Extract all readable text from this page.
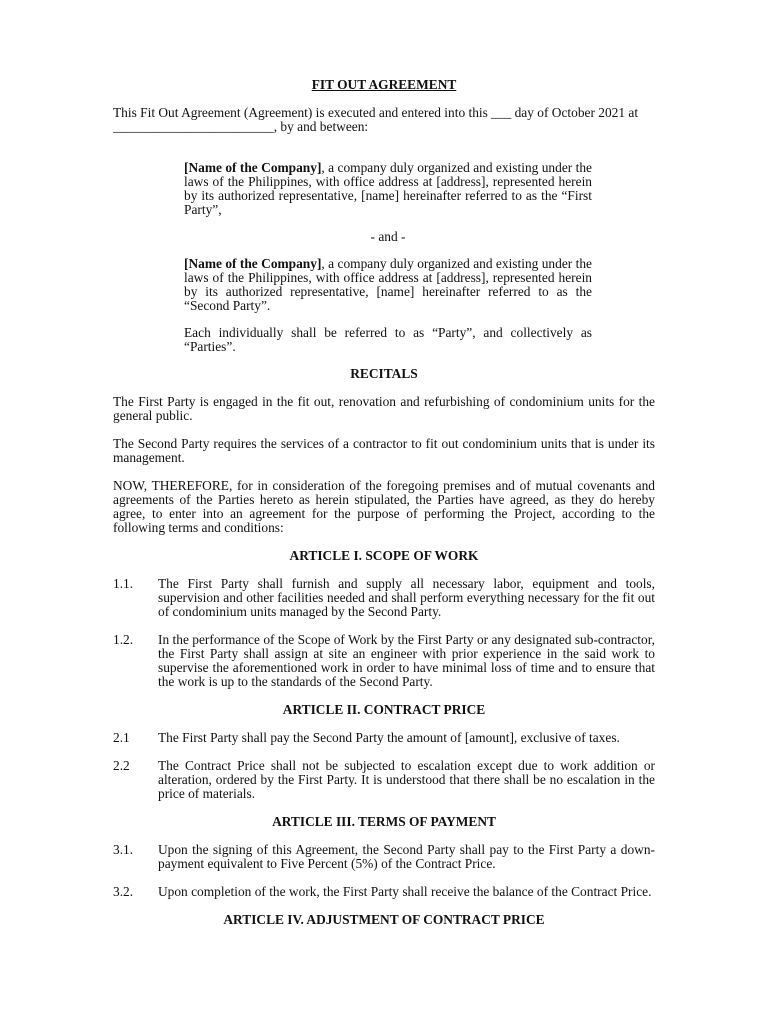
FIT OUT AGREEMENT

This Fit Out Agreement (Agreement) is executed and entered into this ___ day of October 2021 at

________________________, by and between:

[Name of the Company], a company duly organized and existing under the laws of the Philippines, with office address at [address], represented herein by its authorized representative, [name] hereinafter referred to as the “First Party”,

- and -

[Name of the Company], a company duly organized and existing under the laws of the Philippines, with office address at [address], represented herein by its authorized representative, [name] hereinafter referred to as the “Second Party”.

Each individually shall be referred to as “Party”, and collectively as “Parties”.

RECITALS

The First Party is engaged in the fit out, renovation and refurbishing of condominium units for the general public.

The Second Party requires the services of a contractor to fit out condominium units that is under its management.

NOW, THEREFORE, for in consideration of the foregoing premises and of mutual covenants and agreements of the Parties hereto as herein stipulated, the Parties have agreed, as they do hereby agree, to enter into an agreement for the purpose of performing the Project, according to the following terms and conditions:

ARTICLE I. SCOPE OF WORK

1.1.	The First Party shall furnish and supply all necessary labor, equipment and tools, supervision and other facilities needed and shall perform everything necessary for the fit out of condominium units managed by the Second Party.
1.2.	In the performance of the Scope of Work by the First Party or any designated sub-contractor, the First Party shall assign at site an engineer with prior experience in the said work to supervise the aforementioned work in order to have minimal loss of time and to ensure that the work is up to the standards of the Second Party.

ARTICLE II. CONTRACT PRICE

2.1	The First Party shall pay the Second Party the amount of [amount], exclusive of taxes.
2.2	The Contract Price shall not be subjected to escalation except due to work addition or alteration, ordered by the First Party. It is understood that there shall be no escalation in the price of materials.

ARTICLE III. TERMS OF PAYMENT

3.1.	Upon the signing of this Agreement, the Second Party shall pay to the First Party a down-payment equivalent to Five Percent (5%) of the Contract Price.
3.2.	Upon completion of the work, the First Party shall receive the balance of the Contract Price.

ARTICLE IV. ADJUSTMENT OF CONTRACT PRICE
